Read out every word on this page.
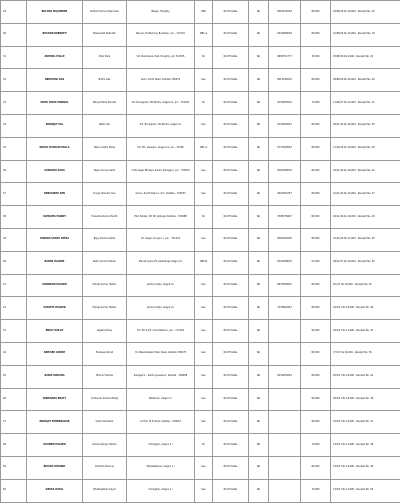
29	BOLHAS MAJUMDER	Sadhoh Kumar Majumder	Baigoi, Hooghly	OBC	Nil Of Dates	NA	9563232664	80,000	20/08/16 Rs 16,000 - Receipt No. 16
30	BOSHOR DEBNATH	Biswanath Debnath	Panvar, Prafashnal, Burdwan, pin - 713101	OBC-A	Nil Of Dates	NA	9434080048	80,000	21/08/16 Rs 16,000 - Receipt No. 18
31	ADHIPAL POLLE	Dilip Polle	Vill. Nakuhana, Dist. Hooghly, pin 712305	SC	Nil Of Dates	NA	9883701777	30,000	25/08/16 Rs 6,000 - Receipt No. 22
32	ABHISHAK DAS	Bidhu Das	Sodu, Suhrt Road, Kolkata 700053	Gen	Nil Of Dates	NA	8013032010	80,000	28/08/16 Rs 16,000 - Receipt No. 26
33	ADITA PARIA MONDAL	Manjot Pada Mondal	Vill. Buraigram, PO Bodra, Alagra CL, pin - 742102	SC	Nil Of Dates	NA	9734005552	70,000	17/09/17 Rs 14,000 - Receipt No. 31
34	BISWAJIT PAL	Bablu Pal	Vill. Buraigram, PO Bodra, Alagra CL	Gen	Nil Of Dates	NA	9734005051	80,000	09/11/16 Rs 16,000 - Receipt No. 35
35	NURUL HASSAN MOLLA	Nazrul Islam Molla	Vill. PO. Iswarpur, Alagra CL, pin - 74302	OBC-A	Nil Of Dates	NA	9775182863	80,000	11/10/16 Rs 16,000 - Receipt No. 38
36	SUMANTA SAHA	Tapan Kumar Saha	1 (B) Sagar Bhowpu Sarani Dmagpur, pin - 700033	Gen	Nil Of Dates	NA	9564308093	80,000	16/11/16 Rs 16,000 - Receipt No. 42
37	DEBASMITA SEN	Durga Shankar Sen	Gomu, South Depu 1 of 1, Kolkata - 700033	Gen	Nil Of Dates	NA	9903052287	80,000	21/11/16 Rs 16,000 - Receipt No. 47
38	SUMANTA PANDIT	Prosanta Kumar Pandit	Hati Pukkar, PO KP, Jalbugrs Kolkata - 700088	SC	Nil Of Dates	NA	7098378467	80,000	29/11/16 Rs 16,000 - Receipt No. 49
39	TANDRA SOHYA PATRA	Bijoy Krishna Patra	Vll. Sagar, Durga 1 l, pin - 721423	Gen	Nil Of Dates	NA	9564208300	80,000	07/12/16 Rs 17,000 - Receipt No. 50
40	BAPAN HALDER	Rabin Kumar Halder	Manshil para PS, Jalaldanga Alagra CL	OBC-B	Nil Of Dates	NA	8116958670	57,900	08/12/17 Rs 10,000 - Receipt No. 52
41	SANDIPAN HALDER	Pradip Kumar Halder	Jamlon Kutpi, Alagra CL	Gen	Nil Of Dates	NA	9875800692	80,000	9/1/17 Rs 16,000 - Receipt No. 55
42	SUDIPTA HALDER	Pradip Kumar Halder	Jamlon Kutpi, Alagra CL	Gen	Nil Of Dates	NA	7278660367	80,000	16/1/17 Rs 16,000 - Receipt No. 46
43	BIDOY DOLOT	Rajesh Dolay	Vill. PO & PS. Chandiltaluru, pin - 713129	Gen	Nil Of Dates	NA		90,000	18/1/17 Rs 11,000 - Receipt No. 43
44	ABHISEK GHOSH	Pradeep Ghosh	31, Basantapara Main Road, Kolkata 700078	Gen	Nil Of Dates	NA		80,000	7/3/17 Rs 16,000 - Receipt No. 59
45	RABIA MAHABA	Mohun Hamba	Karagad 1 - Santa Joreeapur, Kolkata - 700088	Gen	Nil Of Dates	NA	9432265894	80,000	20/2/17 Rs 16,000 - Receipt No. 42
46	SHREANKA BRATY	Ardhendu Sekhar Bhaty	Palathore, Alagra 1 l	Gen	Nil Of Dates	NA		90,000	28/2/17 Rs 18,000 - Receipt No. 46
47	INDRAJIT SUBERNADAR	Gobil Samantar	1/27/A, M.P. Road, Kolkata - 700067	Gen	Nil Of Dates	NA		90,000	10/3/17 Rs 16,000 - Receipt No. 47
48	SOUMEN HALDER	Samar Ranjan Halder	Shubgijhu, Alagra 1 l	SC	Nil Of Dates	NA		70,000	13/3/17 Rs 15,000 - Receipt No. 48
49	BIKASH KHANNA	Paritosh Khanna	Paikasatpana, Alagra 1 l	Gen	Nil Of Dates	NA		80,000	13/3/17 Rs 16,000 - Receipt No. 49
50	DIPIKA KAYAL	Bhabhapthan Kayal	Shubgijhu, Alagra 1 l	Gen	Nil Of Dates	NA		70,000	13/3/17 Rs 12,000 - Receipt No. 50
